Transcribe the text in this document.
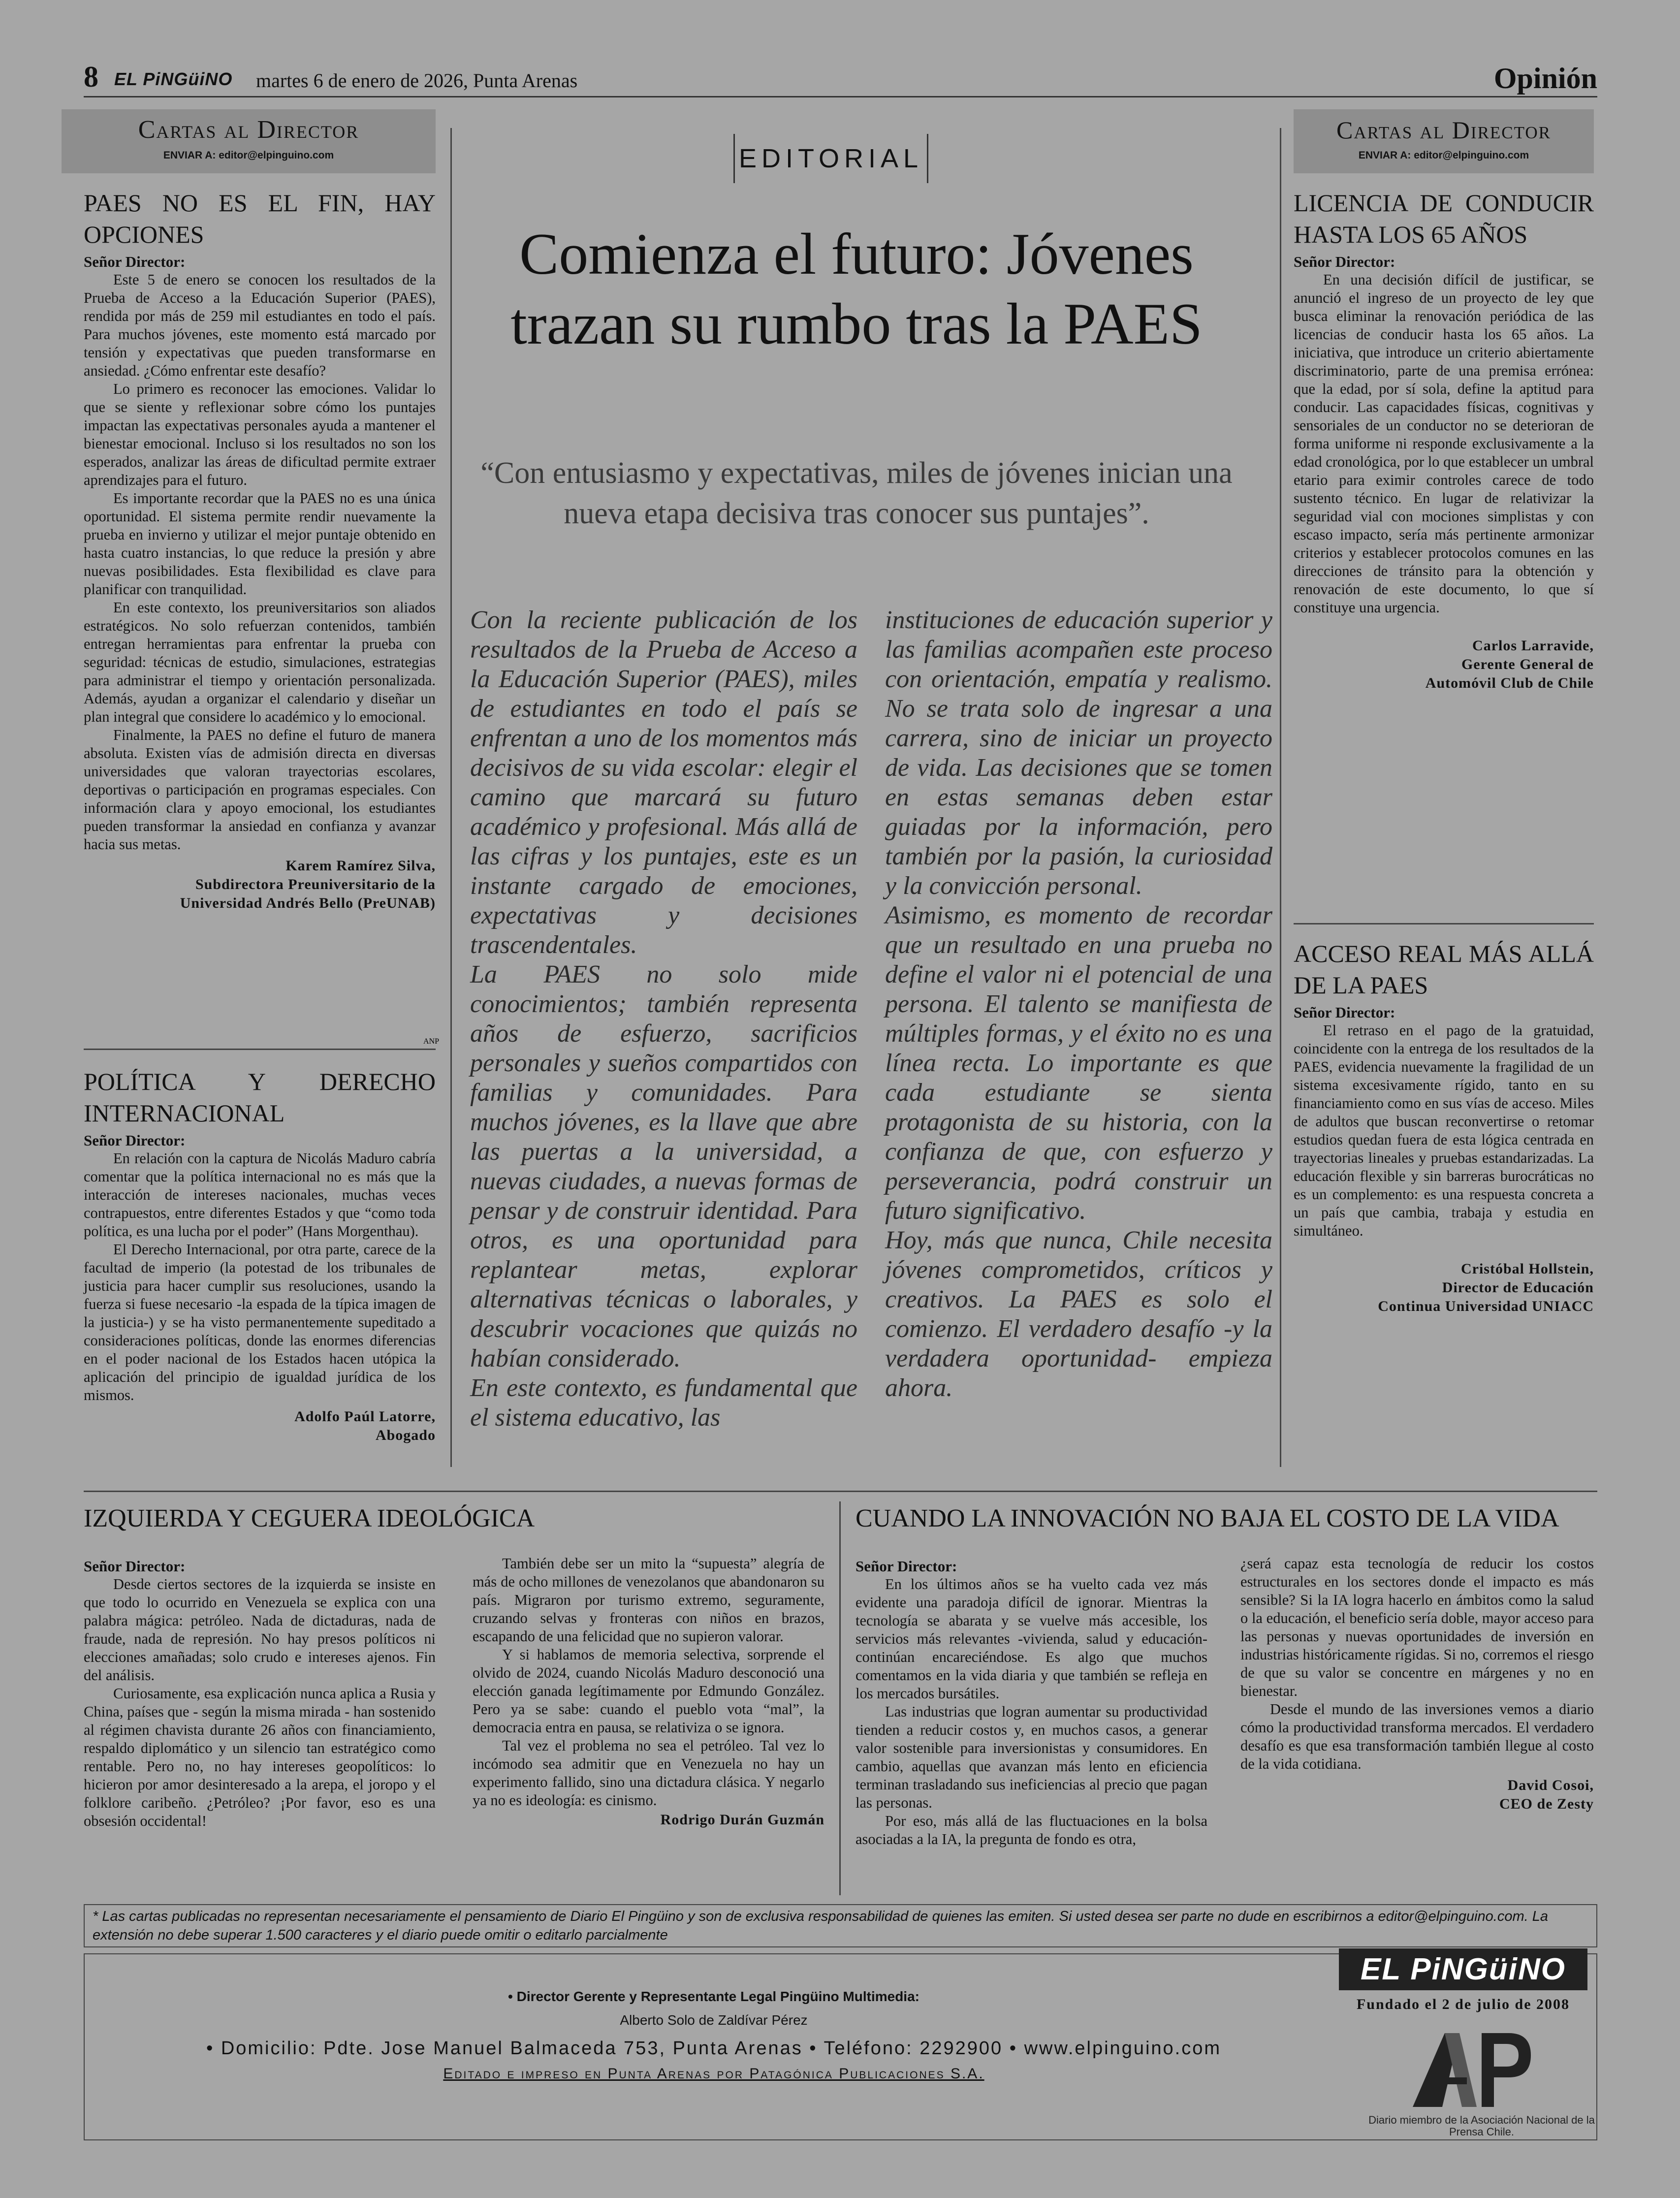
8 EL PiNGüiNO martes 6 de enero de 2026, Punta Arenas	Opinión
Cartas al Director
ENVIAR A: editor@elpinguino.com
PAES NO ES EL FIN, HAY OPCIONES

Señor Director:

Este 5 de enero se conocen los resultados de la Prueba de Acceso a la Educación Superior (PAES), rendida por más de 259 mil estudiantes en todo el país. Para muchos jóvenes, este momento está marcado por tensión y expectativas que pueden transformarse en ansiedad. ¿Cómo enfrentar este desafío?

Lo primero es reconocer las emociones. Validar lo que se siente y reflexionar sobre cómo los puntajes impactan las expectativas personales ayuda a mantener el bienestar emocional. Incluso si los resultados no son los esperados, analizar las áreas de dificultad permite extraer aprendizajes para el futuro.

Es importante recordar que la PAES no es una única oportunidad. El sistema permite rendir nuevamente la prueba en invierno y utilizar el mejor puntaje obtenido en hasta cuatro instancias, lo que reduce la presión y abre nuevas posibilidades. Esta flexibilidad es clave para planificar con tranquilidad.

En este contexto, los preuniversitarios son aliados estratégicos. No solo refuerzan contenidos, también entregan herramientas para enfrentar la prueba con seguridad: técnicas de estudio, simulaciones, estrategias para administrar el tiempo y orientación personalizada. Además, ayudan a organizar el calendario y diseñar un plan integral que considere lo académico y lo emocional.

Finalmente, la PAES no define el futuro de manera absoluta. Existen vías de admisión directa en diversas universidades que valoran trayectorias escolares, deportivas o participación en programas especiales. Con información clara y apoyo emocional, los estudiantes pueden transformar la ansiedad en confianza y avanzar hacia sus metas.

Karem Ramírez Silva,
Subdirectora Preuniversitario de la
Universidad Andrés Bello (PreUNAB)
POLÍTICA Y DERECHO INTERNACIONAL

Señor Director:

En relación con la captura de Nicolás Maduro cabría comentar que la política internacional no es más que la interacción de intereses nacionales, muchas veces contrapuestos, entre diferentes Estados y que “como toda política, es una lucha por el poder” (Hans Morgenthau).

El Derecho Internacional, por otra parte, carece de la facultad de imperio (la potestad de los tribunales de justicia para hacer cumplir sus resoluciones, usando la fuerza si fuese necesario -la espada de la típica imagen de la justicia-) y se ha visto permanentemente supeditado a consideraciones políticas, donde las enormes diferencias en el poder nacional de los Estados hacen utópica la aplicación del principio de igualdad jurídica de los mismos.

Adolfo Paúl Latorre,
Abogado
EDITORIAL
Comienza el futuro: Jóvenes trazan su rumbo tras la PAES
“Con entusiasmo y expectativas, miles de jóvenes inician una nueva etapa decisiva tras conocer sus puntajes”.

Con la reciente publicación de los resultados de la Prueba de Acceso a la Educación Superior (PAES), miles de estudiantes en todo el país se enfrentan a uno de los momentos más decisivos de su vida escolar: elegir el camino que marcará su futuro académico y profesional. Más allá de las cifras y los puntajes, este es un instante cargado de emociones, expectativas y decisiones trascendentales.

La PAES no solo mide conocimientos; también representa años de esfuerzo, sacrificios personales y sueños compartidos con familias y comunidades. Para muchos jóvenes, es la llave que abre las puertas a la universidad, a nuevas ciudades, a nuevas formas de pensar y de construir identidad. Para otros, es una oportunidad para replantear metas, explorar alternativas técnicas o laborales, y descubrir vocaciones que quizás no habían considerado.

En este contexto, es fundamental que el sistema educativo, las

instituciones de educación superior y las familias acompañen este proceso con orientación, empatía y realismo. No se trata solo de ingresar a una carrera, sino de iniciar un proyecto de vida. Las decisiones que se tomen en estas semanas deben estar guiadas por la información, pero también por la pasión, la curiosidad y la convicción personal.

Asimismo, es momento de recordar que un resultado en una prueba no define el valor ni el potencial de una persona. El talento se manifiesta de múltiples formas, y el éxito no es una línea recta. Lo importante es que cada estudiante se sienta protagonista de su historia, con la confianza de que, con esfuerzo y perseverancia, podrá construir un futuro significativo.

Hoy, más que nunca, Chile necesita jóvenes comprometidos, críticos y creativos. La PAES es solo el comienzo. El verdadero desafío -y la verdadera oportunidad- empieza ahora.

Cartas al Director
ENVIAR A: editor@elpinguino.com
LICENCIA DE CONDUCIR HASTA LOS 65 AÑOS

Señor Director:

En una decisión difícil de justificar, se anunció el ingreso de un proyecto de ley que busca eliminar la renovación periódica de las licencias de conducir hasta los 65 años. La iniciativa, que introduce un criterio abiertamente discriminatorio, parte de una premisa errónea: que la edad, por sí sola, define la aptitud para conducir. Las capacidades físicas, cognitivas y sensoriales de un conductor no se deterioran de forma uniforme ni responde exclusivamente a la edad cronológica, por lo que establecer un umbral etario para eximir controles carece de todo sustento técnico. En lugar de relativizar la seguridad vial con mociones simplistas y con escaso impacto, sería más pertinente armonizar criterios y establecer protocolos comunes en las direcciones de tránsito para la obtención y renovación de este documento, lo que sí constituye una urgencia.

Carlos Larravide,
Gerente General de
Automóvil Club de Chile
ACCESO REAL MÁS ALLÁ DE LA PAES

Señor Director:

El retraso en el pago de la gratuidad, coincidente con la entrega de los resultados de la PAES, evidencia nuevamente la fragilidad de un sistema excesivamente rígido, tanto en su financiamiento como en sus vías de acceso. Miles de adultos que buscan reconvertirse o retomar estudios quedan fuera de esta lógica centrada en trayectorias lineales y pruebas estandarizadas. La educación flexible y sin barreras burocráticas no es un complemento: es una respuesta concreta a un país que cambia, trabaja y estudia en simultáneo.

Cristóbal Hollstein,
Director de Educación
Continua Universidad UNIACC
IZQUIERDA Y CEGUERA IDEOLÓGICA

Señor Director:

Desde ciertos sectores de la izquierda se insiste en que todo lo ocurrido en Venezuela se explica con una palabra mágica: petróleo. Nada de dictaduras, nada de fraude, nada de represión. No hay presos políticos ni elecciones amañadas; solo crudo e intereses ajenos. Fin del análisis.

Curiosamente, esa explicación nunca aplica a Rusia y China, países que - según la misma mirada - han sostenido al régimen chavista durante 26 años con financiamiento, respaldo diplomático y un silencio tan estratégico como rentable. Pero no, no hay intereses geopolíticos: lo hicieron por amor desinteresado a la arepa, el joropo y el folklore caribeño. ¿Petróleo? ¡Por favor, eso es una obsesión occidental!

También debe ser un mito la “supuesta” alegría de más de ocho millones de venezolanos que abandonaron su país. Migraron por turismo extremo, seguramente, cruzando selvas y fronteras con niños en brazos, escapando de una felicidad que no supieron valorar.

Y si hablamos de memoria selectiva, sorprende el olvido de 2024, cuando Nicolás Maduro desconoció una elección ganada legítimamente por Edmundo González. Pero ya se sabe: cuando el pueblo vota “mal”, la democracia entra en pausa, se relativiza o se ignora.

Tal vez el problema no sea el petróleo. Tal vez lo incómodo sea admitir que en Venezuela no hay un experimento fallido, sino una dictadura clásica. Y negarlo ya no es ideología: es cinismo.

Rodrigo Durán Guzmán
CUANDO LA INNOVACIÓN NO BAJA EL COSTO DE LA VIDA

Señor Director:

En los últimos años se ha vuelto cada vez más evidente una paradoja difícil de ignorar. Mientras la tecnología se abarata y se vuelve más accesible, los servicios más relevantes -vivienda, salud y educación- continúan encareciéndose. Es algo que muchos comentamos en la vida diaria y que también se refleja en los mercados bursátiles.

Las industrias que logran aumentar su productividad tienden a reducir costos y, en muchos casos, a generar valor sostenible para inversionistas y consumidores. En cambio, aquellas que avanzan más lento en eficiencia terminan trasladando sus ineficiencias al precio que pagan las personas.

Por eso, más allá de las fluctuaciones en la bolsa asociadas a la IA, la pregunta de fondo es otra,

¿será capaz esta tecnología de reducir los costos estructurales en los sectores donde el impacto es más sensible? Si la IA logra hacerlo en ámbitos como la salud o la educación, el beneficio sería doble, mayor acceso para las personas y nuevas oportunidades de inversión en industrias históricamente rígidas. Si no, corremos el riesgo de que su valor se concentre en márgenes y no en bienestar.

Desde el mundo de las inversiones vemos a diario cómo la productividad transforma mercados. El verdadero desafío es que esa transformación también llegue al costo de la vida cotidiana.

David Cosoi,
CEO de Zesty
* Las cartas publicadas no representan necesariamente el pensamiento de Diario El Pingüino y son de exclusiva responsabilidad de quienes las emiten. Si usted desea ser parte no dude en escribirnos a editor@elpinguino.com. La extensión no debe superar 1.500 caracteres y el diario puede omitir o editarlo parcialmente
• Director Gerente y Representante Legal Pingüino Multimedia:
Alberto Solo de Zaldívar Pérez
• Domicilio: Pdte. Jose Manuel Balmaceda 753, Punta Arenas • Teléfono: 2292900 • www.elpinguino.com
Editado e impreso en Punta Arenas por Patagónica Publicaciones S.A.
EL PiNGüiNO
Fundado el 2 de julio de 2008
ANP
Diario miembro de la Asociación Nacional de la Prensa Chile.
